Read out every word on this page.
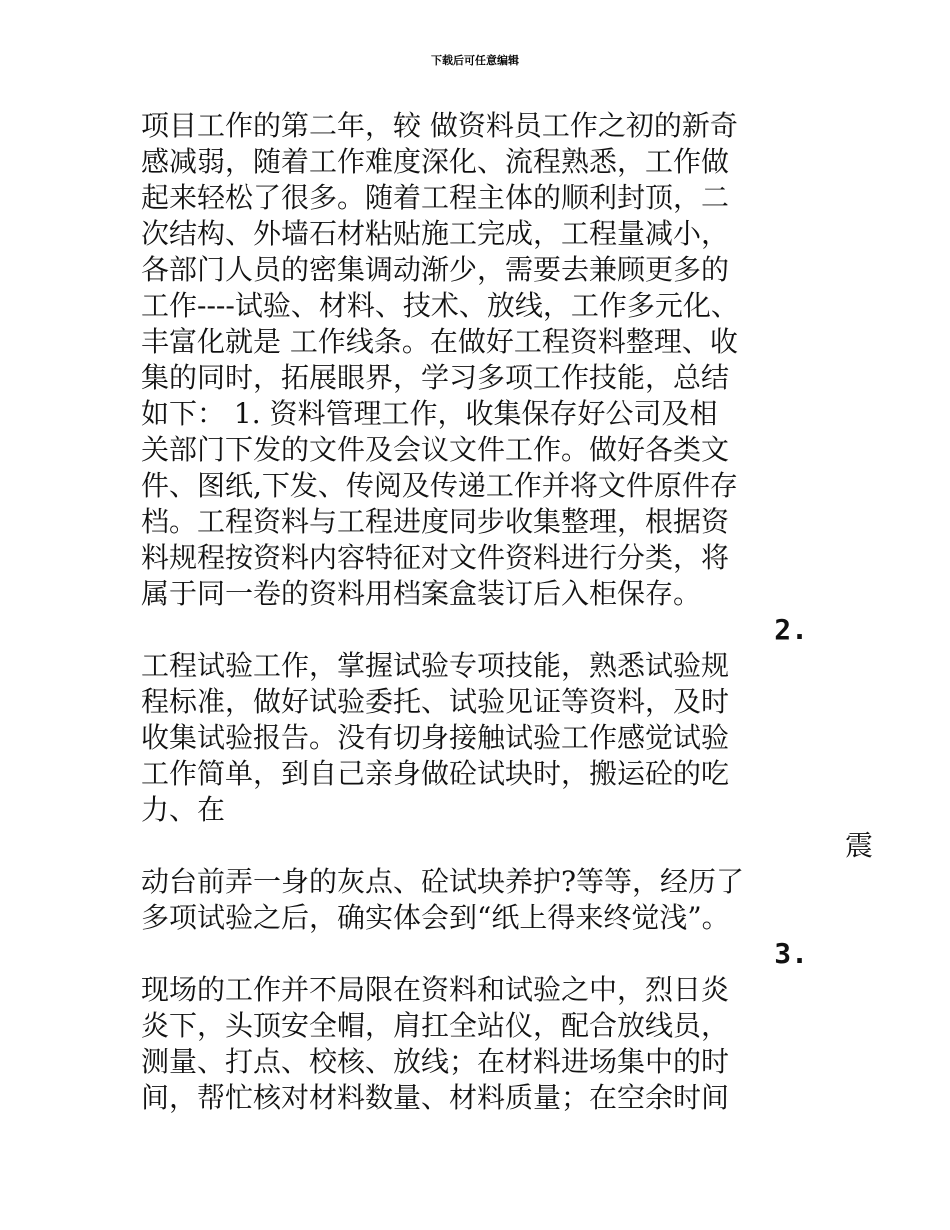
下载后可任意编辑
项目工作的第二年，较 做资料员工作之初的新奇
感减弱，随着工作难度深化、流程熟悉，工作做
起来轻松了很多。随着工程主体的顺利封顶，二
次结构、外墙石材粘贴施工完成，工程量减小，
各部门人员的密集调动渐少，需要去兼顾更多的
工作----试验、材料、技术、放线，工作多元化、
丰富化就是 工作线条。在做好工程资料整理、收
集的同时，拓展眼界，学习多项工作技能，总结
如下： 1. 资料管理工作，收集保存好公司及相
关部门下发的文件及会议文件工作。做好各类文
件、图纸,下发、传阅及传递工作并将文件原件存
档。工程资料与工程进度同步收集整理，根据资
料规程按资料内容特征对文件资料进行分类，将
属于同一卷的资料用档案盒装订后入柜保存。
2.
工程试验工作，掌握试验专项技能，熟悉试验规
程标准，做好试验委托、试验见证等资料，及时
收集试验报告。没有切身接触试验工作感觉试验
工作简单，到自己亲身做砼试块时，搬运砼的吃
力、在
震
动台前弄一身的灰点、砼试块养护?等等，经历了
多项试验之后，确实体会到“纸上得来终觉浅”。
3.
现场的工作并不局限在资料和试验之中，烈日炎
炎下，头顶安全帽，肩扛全站仪，配合放线员，
测量、打点、校核、放线；在材料进场集中的时
间，帮忙核对材料数量、材料质量；在空余时间
